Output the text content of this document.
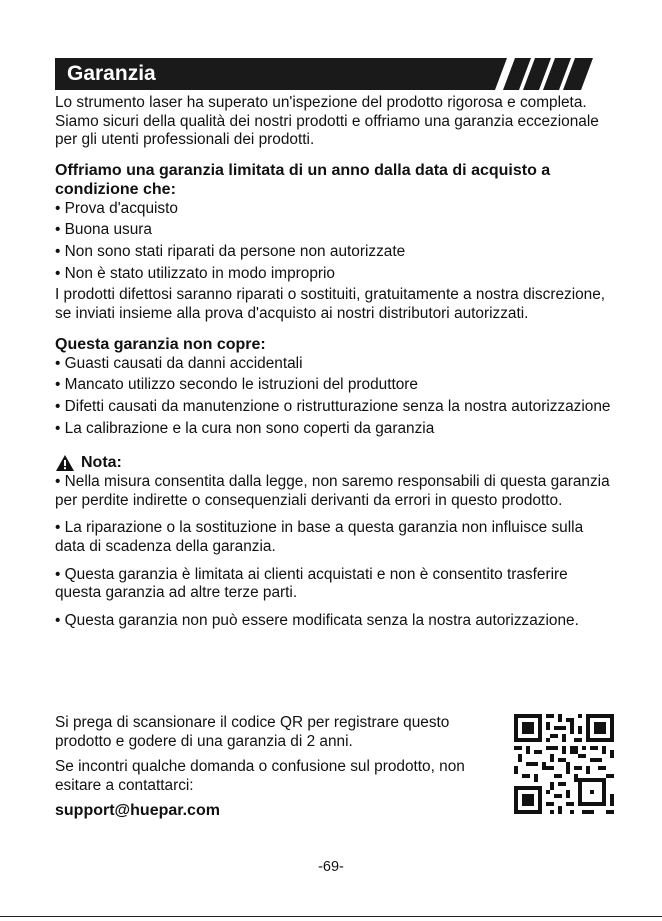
Garanzia

Lo strumento laser ha superato un'ispezione del prodotto rigorosa e completa. Siamo sicuri della qualità dei nostri prodotti e offriamo una garanzia eccezionale per gli utenti professionali dei prodotti.

Offriamo una garanzia limitata di un anno dalla data di acquisto a condizione che:

• Prova d'acquisto

• Buona usura

• Non sono stati riparati da persone non autorizzate

• Non è stato utilizzato in modo improprio

I prodotti difettosi saranno riparati o sostituiti, gratuitamente a nostra discrezione, se inviati insieme alla prova d'acquisto ai nostri distributori autorizzati.

Questa garanzia non copre:

• Guasti causati da danni accidentali

• Mancato utilizzo secondo le istruzioni del produttore

• Difetti causati da manutenzione o ristrutturazione senza la nostra autorizzazione

• La calibrazione e la cura non sono coperti da garanzia

Nota:

• Nella misura consentita dalla legge, non saremo responsabili di questa garanzia per perdite indirette o consequenziali derivanti da errori in questo prodotto.

• La riparazione o la sostituzione in base a questa garanzia non influisce sulla data di scadenza della garanzia.

• Questa garanzia è limitata ai clienti acquistati e non è consentito trasferire questa garanzia ad altre terze parti.

• Questa garanzia non può essere modificata senza la nostra autorizzazione.

Si prega di scansionare il codice QR per registrare questo prodotto e godere di una garanzia di 2 anni.

Se incontri qualche domanda o confusione sul prodotto, non esitare a contattarci:

support@huepar.com

-69-
